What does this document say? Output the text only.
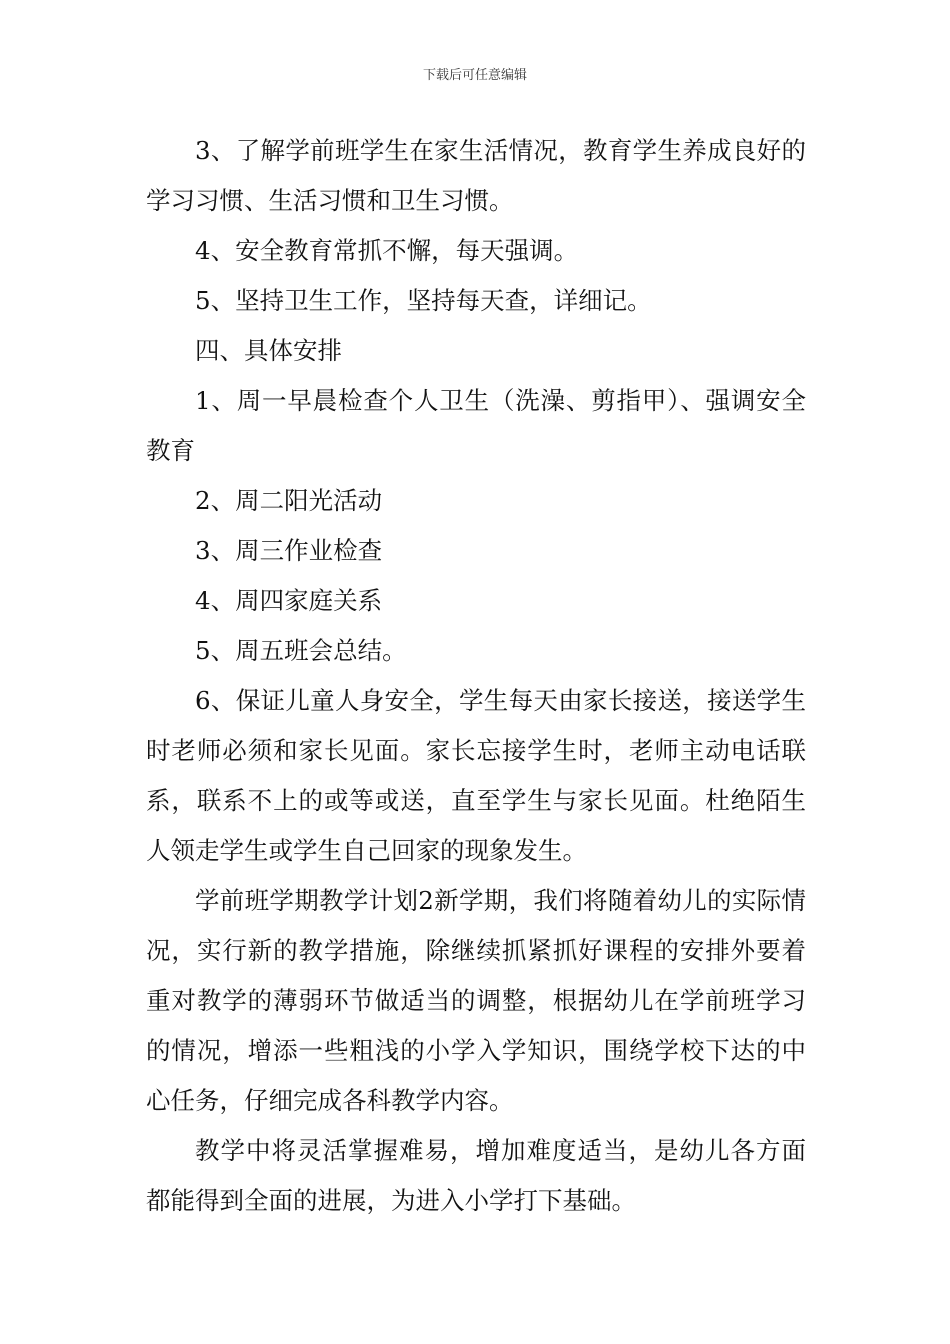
下载后可任意编辑

3、了解学前班学生在家生活情况，教育学生养成良好的学习习惯、生活习惯和卫生习惯。

4、安全教育常抓不懈，每天强调。

5、坚持卫生工作，坚持每天查，详细记。

四、具体安排

1、周一早晨检查个人卫生（洗澡、剪指甲）、强调安全教育

2、周二阳光活动

3、周三作业检查

4、周四家庭关系

5、周五班会总结。

6、保证儿童人身安全，学生每天由家长接送，接送学生时老师必须和家长见面。家长忘接学生时，老师主动电话联系，联系不上的或等或送，直至学生与家长见面。杜绝陌生人领走学生或学生自己回家的现象发生。

学前班学期教学计划2新学期，我们将随着幼儿的实际情况，实行新的教学措施，除继续抓紧抓好课程的安排外要着重对教学的薄弱环节做适当的调整，根据幼儿在学前班学习的情况，增添一些粗浅的小学入学知识，围绕学校下达的中心任务，仔细完成各科教学内容。

教学中将灵活掌握难易，增加难度适当，是幼儿各方面都能得到全面的进展，为进入小学打下基础。
